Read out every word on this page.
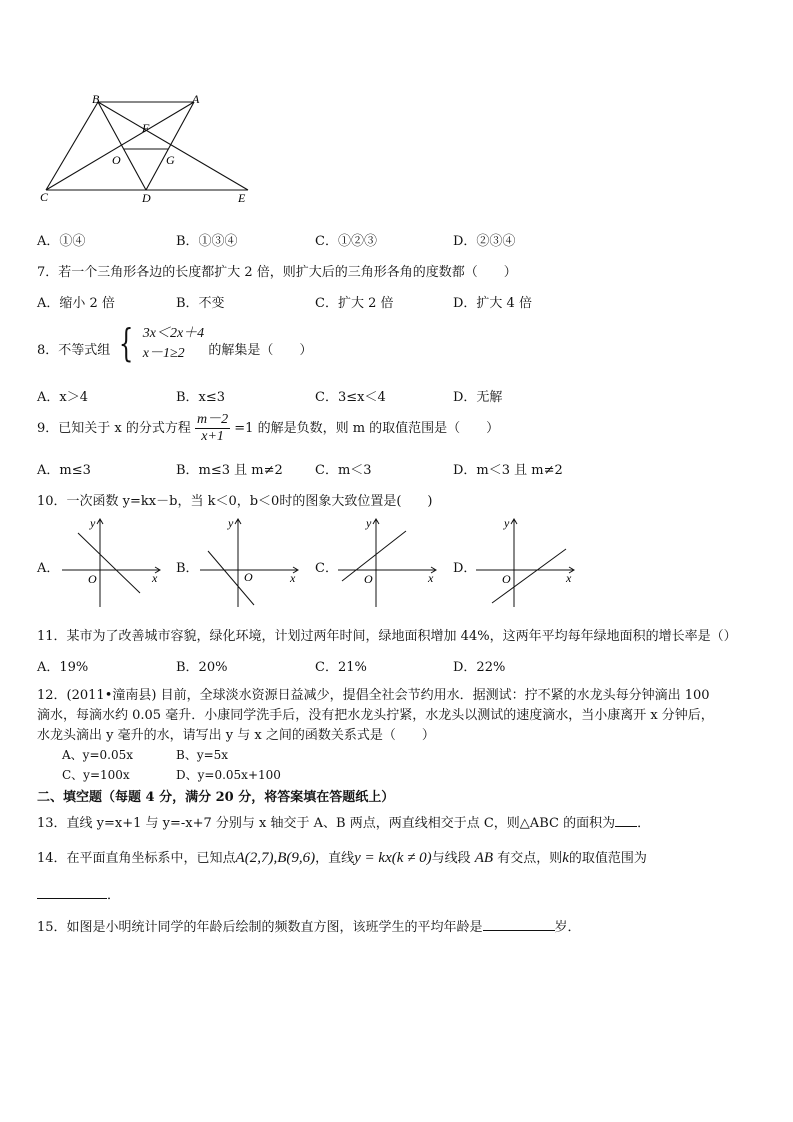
B	A
F
O	G
C	D	E
A．①④	B．①③④	C．①②③	D．②③④
7．若一个三角形各边的长度都扩大 2 倍，则扩大后的三角形各角的度数都（　　）
A．缩小 2 倍	B．不变	C．扩大 2 倍	D．扩大 4 倍
8．不等式组 { 3x＜2x＋4
x－1≥2	的解集是（　　）
A．x＞4	B．x≤3	C．3≤x＜4	D．无解
9．已知关于 x 的分式方程 $\frac{m-2}{x+1} =1$ 的解是负数，则 m 的取值范围是（　　）
A．m≤3	B．m≤3 且 m≠2 C．m＜3	D．m＜3 且 m≠2
10．一次函数 y=kx－b，当 k＜0，b＜0时的图象大致位置是(　　)
A．
y
O	x
B．
y
O	x
C．
y
O	x
D．
y
O	x
11．某市为了改善城市容貌，绿化环境，计划过两年时间，绿地面积增加 44%，这两年平均每年绿地面积的增长率是（）
A．19%	B．20%	C．21%	D．22%
12．(2011•潼南县) 目前，全球淡水资源日益减少，提倡全社会节约用水．据测试：拧不紧的水龙头每分钟滴出 100
滴水，每滴水约 0.05 毫升．小康同学洗手后，没有把水龙头拧紧，水龙头以测试的速度滴水，当小康离开 x 分钟后，
水龙头滴出 y 毫升的水，请写出 y 与 x 之间的函数关系式是（　　）
A、y=0.05x	B、y=5x
C、y=100x	D、y=0.05x+100
二、填空题（每题 4 分，满分 20 分，将答案填在答题纸上）
13．直线 y=x+1 与 y=-x+7 分别与 x 轴交于 A、B 两点，两直线相交于点 C，则△ABC 的面积为 ．
14．在平面直角坐标系中，已知点A(2,7),B(9,6)，直线y = kx(k ≠ 0)与线段 AB 有交点，则k的取值范围为
．
15．如图是小明统计同学的年龄后绘制的频数直方图，该班学生的平均年龄是	岁．
